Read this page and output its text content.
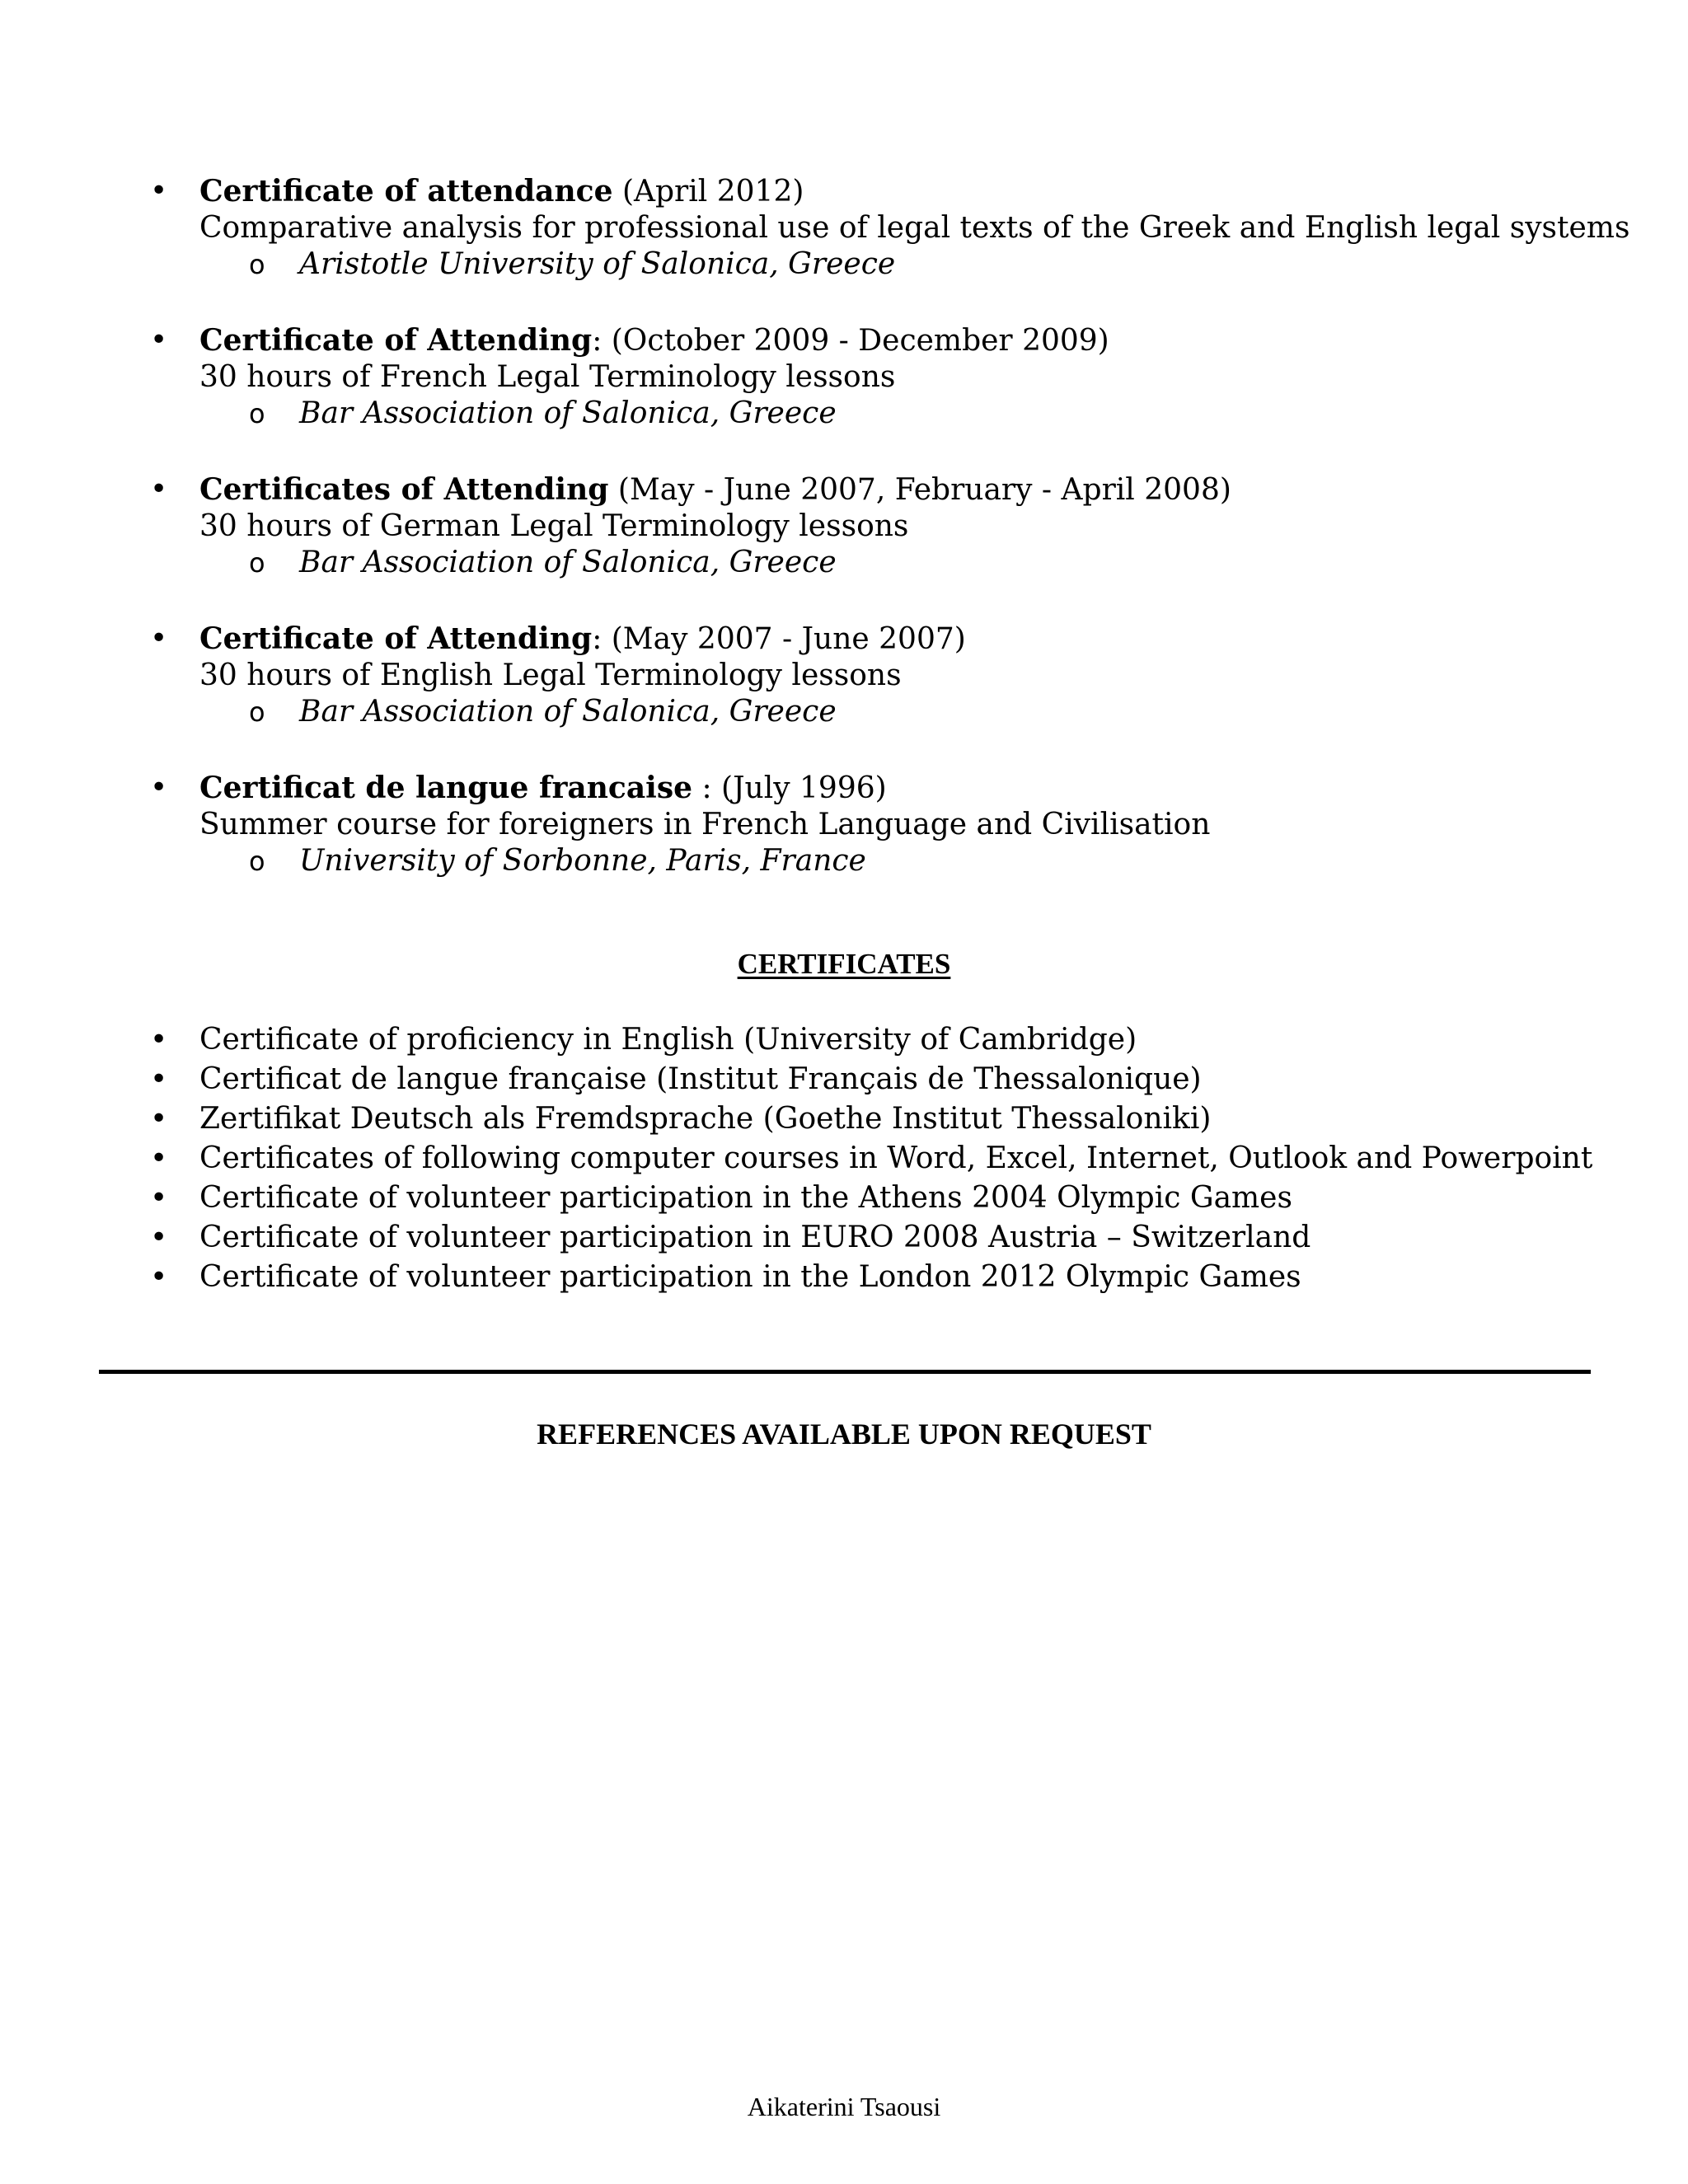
• Certificate of attendance (April 2012)
Comparative analysis for professional use of legal texts of the Greek and English legal systems
o Aristotle University of Salonica, Greece
• Certificate of Attending: (October 2009 - December 2009)
30 hours of French Legal Terminology lessons
o Bar Association of Salonica, Greece
• Certificates of Attending (May - June 2007, February - April 2008)
30 hours of German Legal Terminology lessons
o Bar Association of Salonica, Greece
• Certificate of Attending: (May 2007 - June 2007)
30 hours of English Legal Terminology lessons
o Bar Association of Salonica, Greece
• Certificat de langue francaise : (July 1996)
Summer course for foreigners in French Language and Civilisation
o University of Sorbonne, Paris, France
CERTIFICATES
• Certificate of proficiency in English (University of Cambridge)
• Certificat de langue française (Institut Français de Thessalonique)
• Zertifikat Deutsch als Fremdsprache (Goethe Institut Thessaloniki)
• Certificates of following computer courses in Word, Excel, Internet, Outlook and Powerpoint
• Certificate of volunteer participation in the Athens 2004 Olympic Games
• Certificate of volunteer participation in EURO 2008 Austria – Switzerland
• Certificate of volunteer participation in the London 2012 Olympic Games
REFERENCES AVAILABLE UPON REQUEST
Aikaterini Tsaousi
